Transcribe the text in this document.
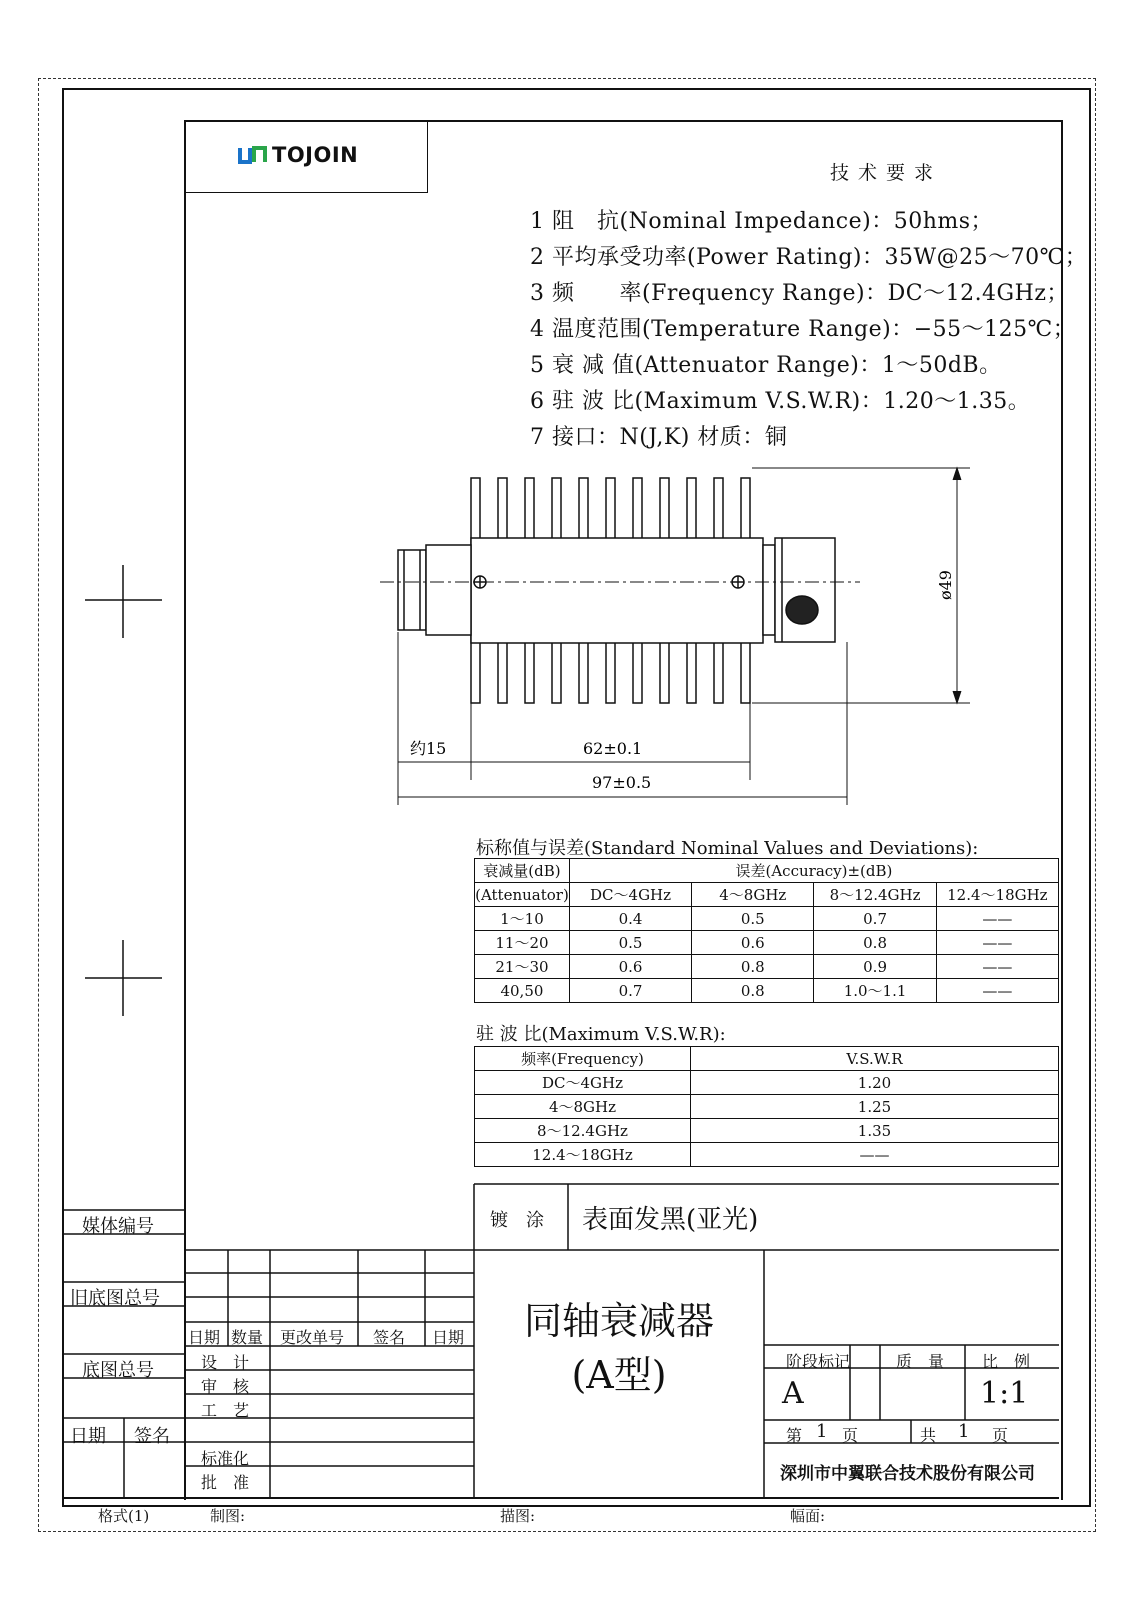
TOJOIN
技术要求
1 阻　抗(Nominal Impedance)：50hms；
2 平均承受功率(Power Rating)：35W@25～70℃；
3 频　　率(Frequency Range)：DC～12.4GHz；
4 温度范围(Temperature Range)：−55～125℃；
5 衰 减 值(Attenuator Range)：1～50dB。
6 驻 波 比(Maximum V.S.W.R)：1.20～1.35。
7 接口：N(J,K) 材质：铜
ø49
约15	62±0.1
97±0.5
标称值与误差(Standard Nominal Values and Deviations):
衰减量(dB)	误差(Accuracy)±(dB)			
(Attenuator)	DC～4GHz	4～8GHz	8～12.4GHz	12.4～18GHz
1～10	0.4	0.5	0.7	——
11～20	0.5	0.6	0.8	——
21～30	0.6	0.8	0.9	——
40,50	0.7	0.8	1.0～1.1	——
驻 波 比(Maximum V.S.W.R):
频率(Frequency)	V.S.W.R
DC～4GHz	1.20
4～8GHz	1.25
8～12.4GHz	1.35
12.4～18GHz	——
镀　涂 表面发黑(亚光)
同轴衰减器
(A型)	阶段标记	质　量 比　例
A	1:1
第 1 页	共 1 页
深圳市中翼联合技术股份有限公司
日期 数量 更改单号 签名 日期
设　计
审　核
工　艺
标准化
批　准
媒体编号
旧底图总号
底图总号
日期 签名
格式(1)	制图:	描图:	幅面:
